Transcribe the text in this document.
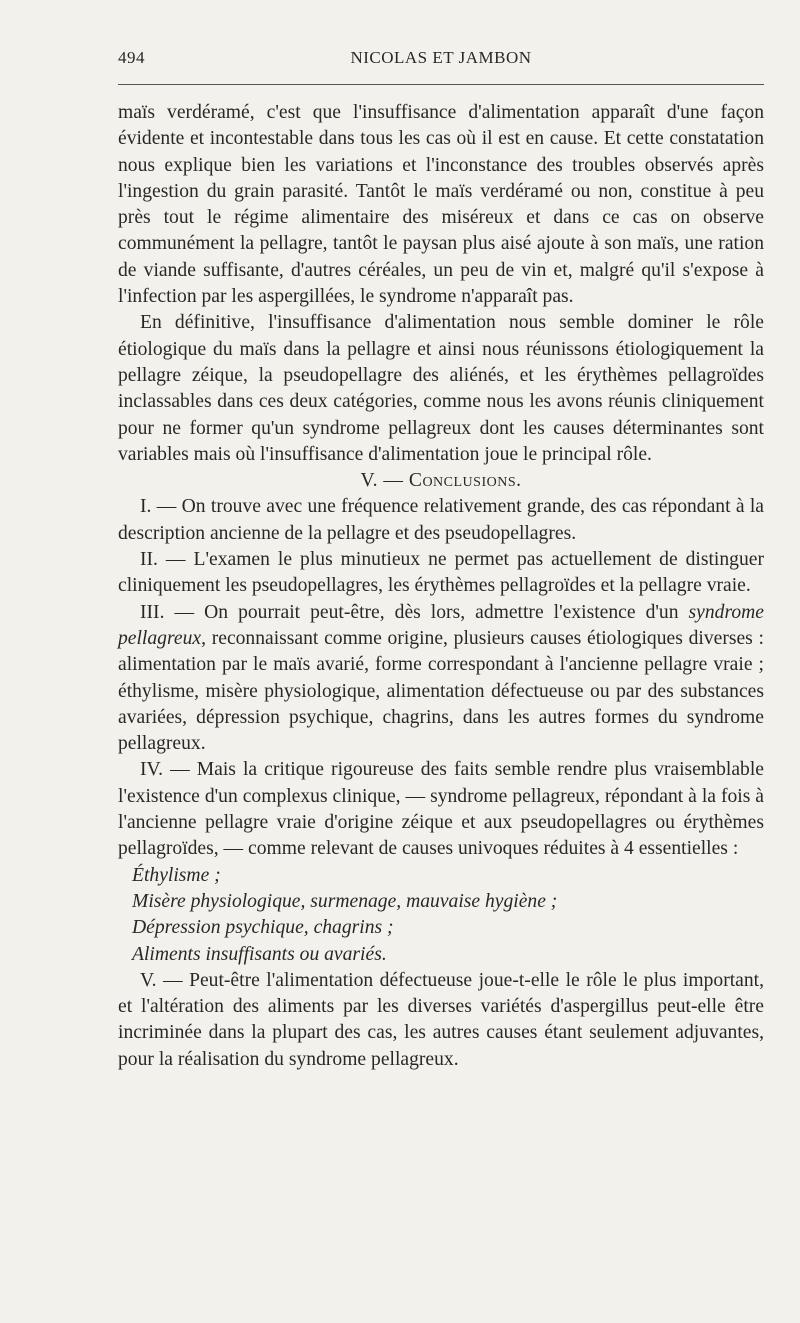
494	NICOLAS ET JAMBON

maïs verdéramé, c'est que l'insuffisance d'alimentation apparaît d'une façon évidente et incontestable dans tous les cas où il est en cause. Et cette constatation nous explique bien les variations et l'inconstance des troubles observés après l'ingestion du grain parasité. Tantôt le maïs verdéramé ou non, constitue à peu près tout le régime alimentaire des miséreux et dans ce cas on observe communément la pellagre, tantôt le paysan plus aisé ajoute à son maïs, une ration de viande suffisante, d'autres céréales, un peu de vin et, malgré qu'il s'expose à l'infection par les aspergillées, le syndrome n'apparaît pas.

En définitive, l'insuffisance d'alimentation nous semble dominer le rôle étiologique du maïs dans la pellagre et ainsi nous réunissons étiologiquement la pellagre zéique, la pseudopellagre des aliénés, et les érythèmes pellagroïdes inclassables dans ces deux catégories, comme nous les avons réunis cliniquement pour ne former qu'un syndrome pellagreux dont les causes déterminantes sont variables mais où l'insuffisance d'alimentation joue le principal rôle.

V. — Conclusions.

I. — On trouve avec une fréquence relativement grande, des cas répondant à la description ancienne de la pellagre et des pseudopellagres.

II. — L'examen le plus minutieux ne permet pas actuellement de distinguer cliniquement les pseudopellagres, les érythèmes pellagroïdes et la pellagre vraie.

III. — On pourrait peut-être, dès lors, admettre l'existence d'un syndrome pellagreux, reconnaissant comme origine, plusieurs causes étiologiques diverses : alimentation par le maïs avarié, forme correspondant à l'ancienne pellagre vraie ; éthylisme, misère physiologique, alimentation défectueuse ou par des substances avariées, dépression psychique, chagrins, dans les autres formes du syndrome pellagreux.

IV. — Mais la critique rigoureuse des faits semble rendre plus vraisemblable l'existence d'un complexus clinique, — syndrome pellagreux, répondant à la fois à l'ancienne pellagre vraie d'origine zéique et aux pseudopellagres ou érythèmes pellagroïdes, — comme relevant de causes univoques réduites à 4 essentielles :

Éthylisme ;

Misère physiologique, surmenage, mauvaise hygiène ;

Dépression psychique, chagrins ;

Aliments insuffisants ou avariés.

V. — Peut-être l'alimentation défectueuse joue-t-elle le rôle le plus important, et l'altération des aliments par les diverses variétés d'aspergillus peut-elle être incriminée dans la plupart des cas, les autres causes étant seulement adjuvantes, pour la réalisation du syndrome pellagreux.
